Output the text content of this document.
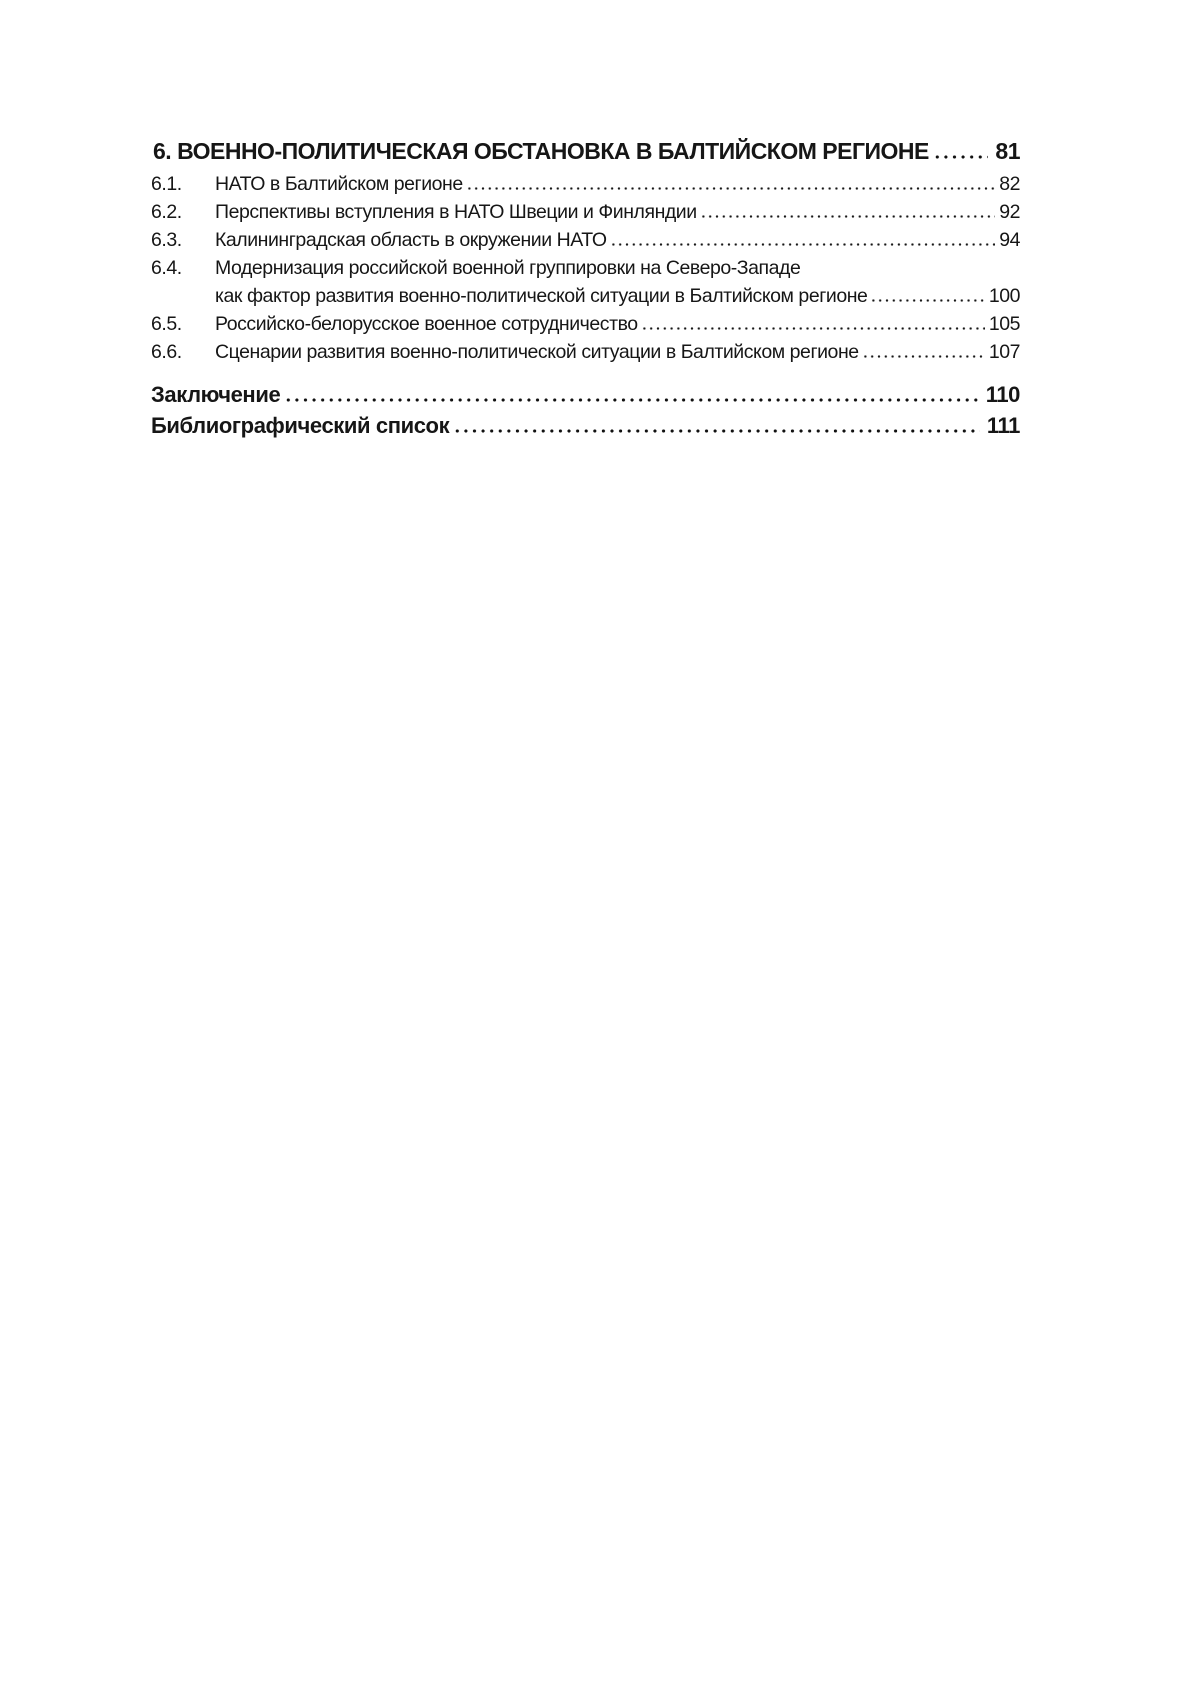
6. ВОЕННО-ПОЛИТИЧЕСКАЯ ОБСТАНОВКА В БАЛТИЙСКОМ РЕГИОНЕ	81
6.1.	НАТО в Балтийском регионе	82
6.2.	Перспективы вступления в НАТО Швеции и Финляндии	92
6.3.	Калининградская область в окружении НАТО	94
6.4.	Модернизация российской военной группировки на Северо-Западе
как фактор развития военно-политической ситуации в Балтийском регионе	100
6.5.	Российско-белорусское военное сотрудничество	105
6.6.	Сценарии развития военно-политической ситуации в Балтийском регионе	107
Заключение	110
Библиографический список	111
